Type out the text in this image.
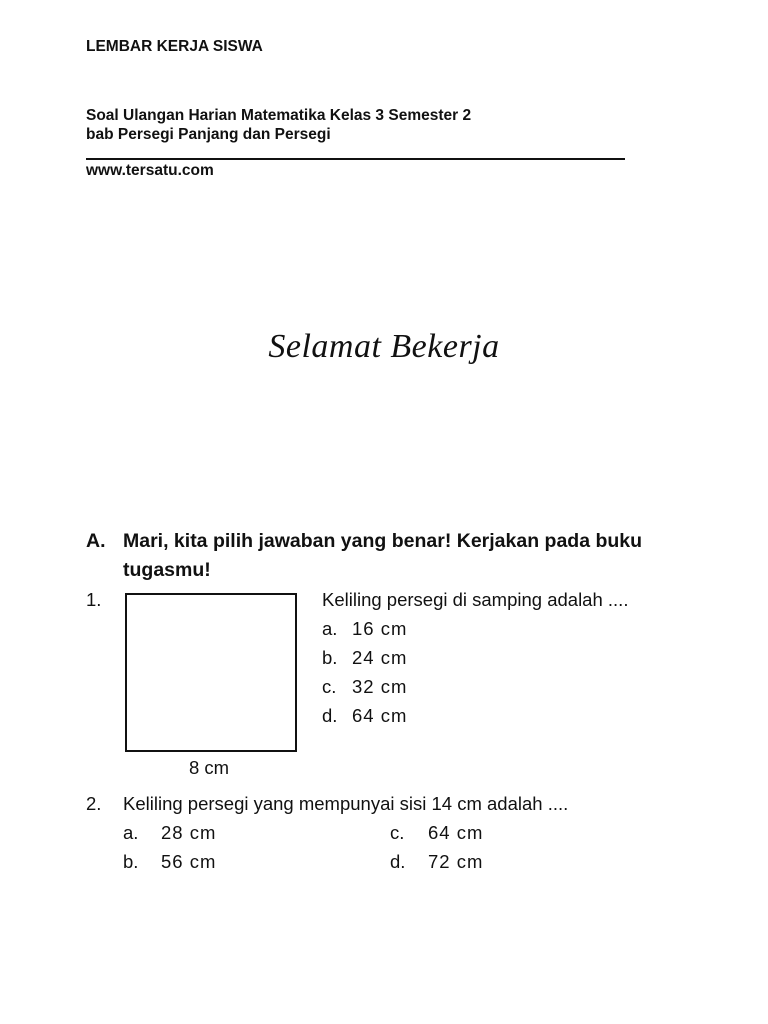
LEMBAR KERJA SISWA
Soal Ulangan Harian Matematika Kelas 3 Semester 2
bab Persegi Panjang dan Persegi
www.tersatu.com
Selamat Bekerja
A. Mari, kita pilih jawaban yang benar! Kerjakan pada buku tugasmu!
1.
8 cm
Keliling persegi di samping adalah ....
a. 16 cm
b. 24 cm
c. 32 cm
d. 64 cm
2. Keliling persegi yang mempunyai sisi 14 cm adalah ....
a. 28 cm
b. 56 cm
c. 64 cm
d. 72 cm
